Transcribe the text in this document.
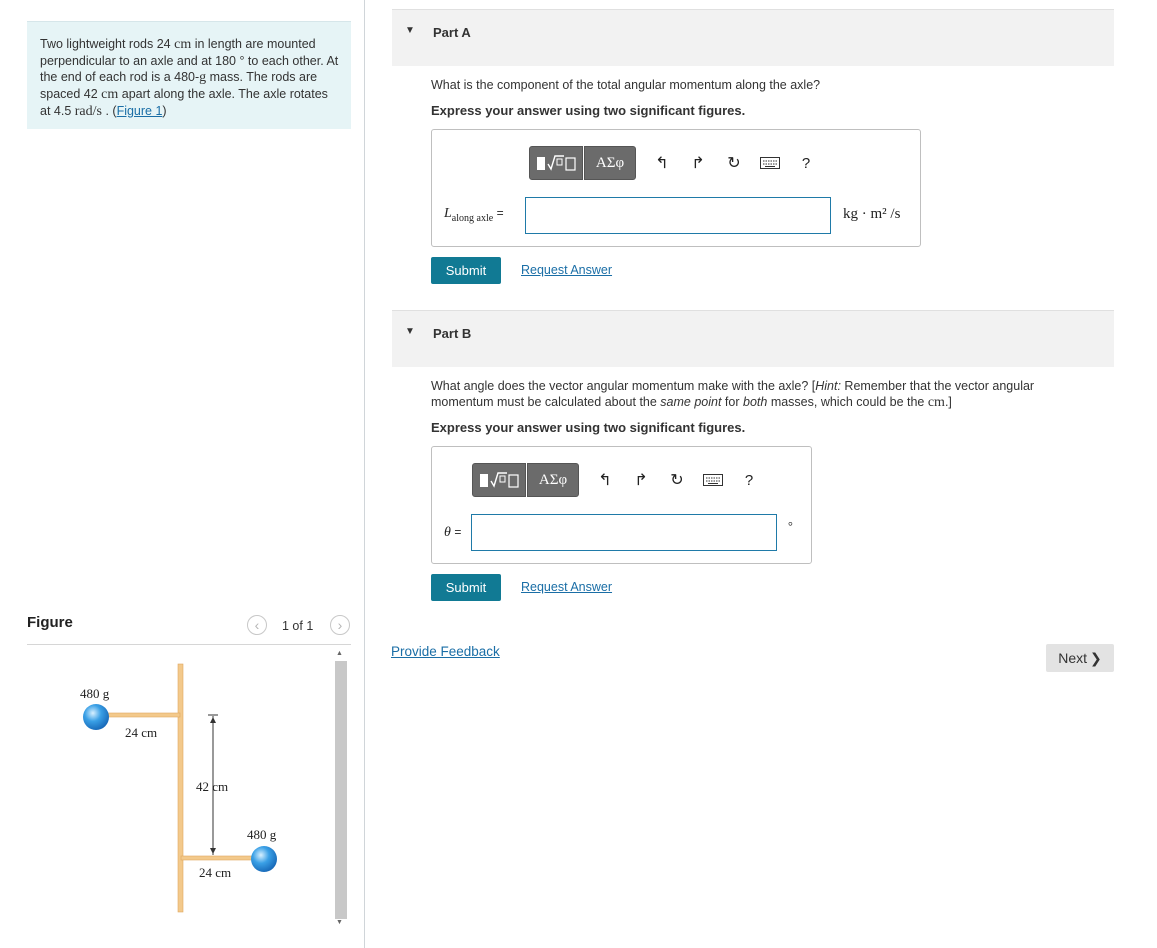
Two lightweight rods 24 cm in length are mounted perpendicular to an axle and at 180 ° to each other. At the end of each rod is a 480-g mass. The rods are spaced 42 cm apart along the axle. The axle rotates at 4.5 rad/s . (Figure 1)
Figure	‹ 1 of 1 ›
480 g
24 cm
42 cm
480 g
24 cm
▲
▼
▼ Part A
What is the component of the total angular momentum along the axle?
Express your answer using two significant figures.
ΑΣφ	↰	↱	↻	?
$L_{along axle}$ =	kg · m² /s
Submit	Request Answer
▼ Part B
What angle does the vector angular momentum make with the axle? [Hint: Remember that the vector angular momentum must be calculated about the same point for both masses, which could be the cm.]
Express your answer using two significant figures.
ΑΣφ	↰	↱	↻	?
θ =	°
Submit	Request Answer
Provide Feedback	Next ❯
